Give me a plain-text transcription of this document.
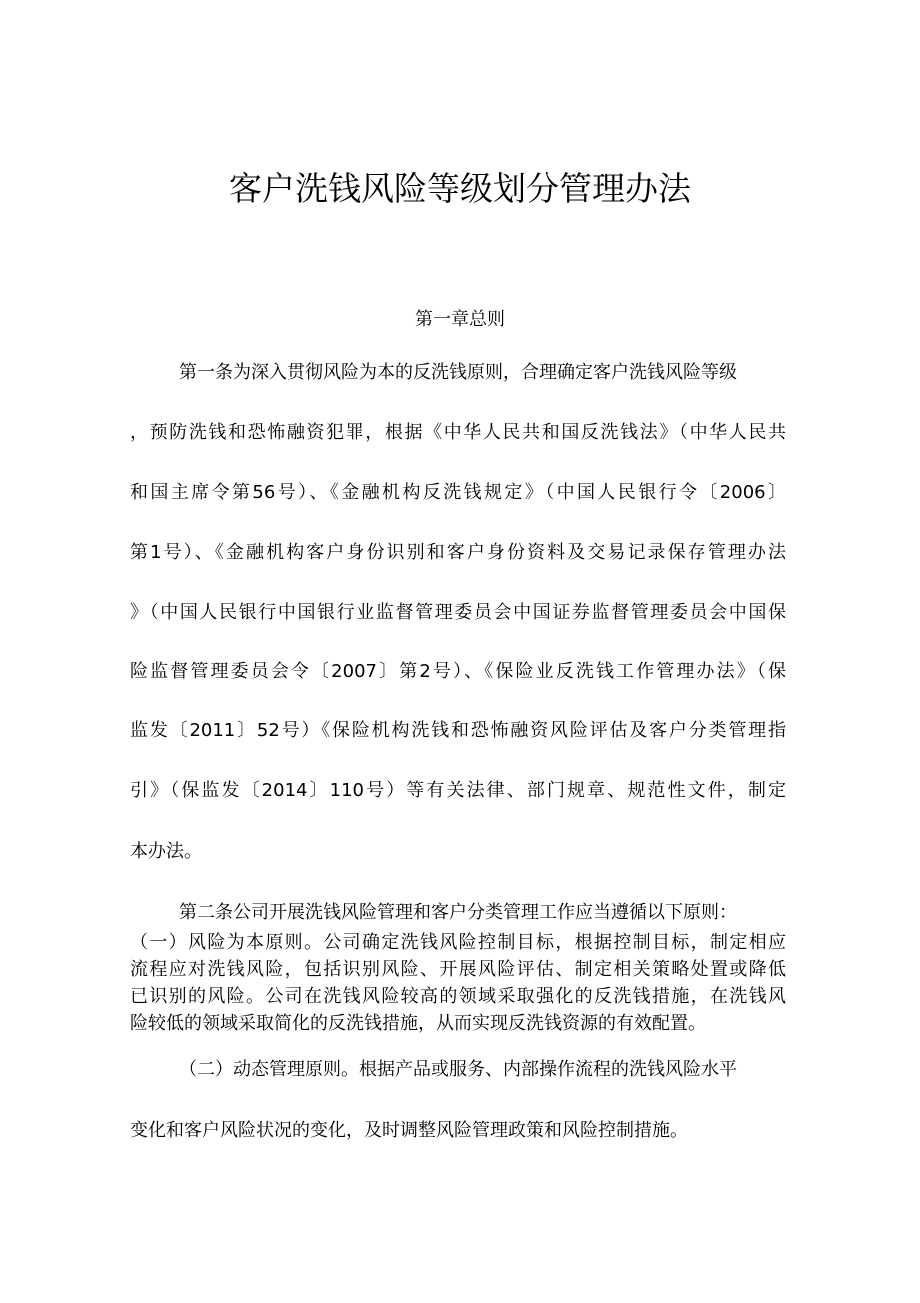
客户洗钱风险等级划分管理办法
第一章总则
第一条为深入贯彻风险为本的反洗钱原则，合理确定客户洗钱风险等级
，预防洗钱和恐怖融资犯罪，根据《中华人民共和国反洗钱法》（中华人民共
和国主席令第56号）、《金融机构反洗钱规定》（中国人民银行令〔2006〕
第1号）、《金融机构客户身份识别和客户身份资料及交易记录保存管理办法
》（中国人民银行中国银行业监督管理委员会中国证券监督管理委员会中国保
险监督管理委员会令〔2007〕第2号）、《保险业反洗钱工作管理办法》（保
监发〔2011〕52号）《保险机构洗钱和恐怖融资风险评估及客户分类管理指
引》（保监发〔2014〕110号）等有关法律、部门规章、规范性文件，制定
本办法。
第二条公司开展洗钱风险管理和客户分类管理工作应当遵循以下原则：
（一）风险为本原则。公司确定洗钱风险控制目标，根据控制目标，制定相应
流程应对洗钱风险，包括识别风险、开展风险评估、制定相关策略处置或降低
已识别的风险。公司在洗钱风险较高的领域采取强化的反洗钱措施，在洗钱风
险较低的领域采取简化的反洗钱措施，从而实现反洗钱资源的有效配置。
（二）动态管理原则。根据产品或服务、内部操作流程的洗钱风险水平
变化和客户风险状况的变化，及时调整风险管理政策和风险控制措施。
